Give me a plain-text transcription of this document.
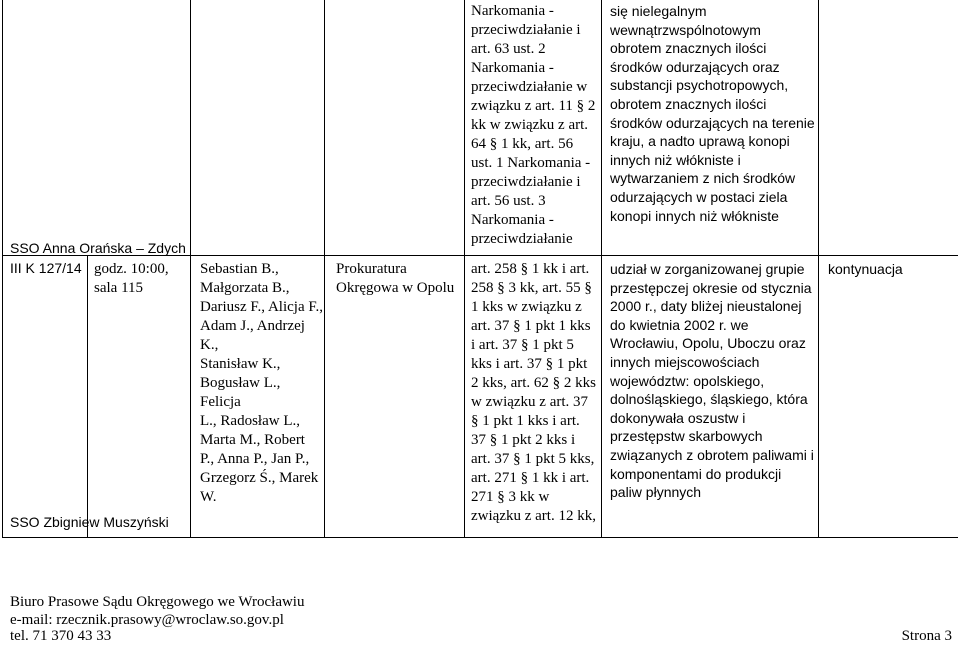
Narkomania -
przeciwdziałanie i
art. 63 ust. 2
Narkomania -
przeciwdziałanie w
związku z art. 11 § 2
kk w związku z art.
64 § 1 kk, art. 56
ust. 1 Narkomania -
przeciwdziałanie i
art. 56 ust. 3
Narkomania -
przeciwdziałanie
się nielegalnym
wewnątrzwspólnotowym
obrotem znacznych ilości
środków odurzających oraz
substancji psychotropowych,
obrotem znacznych ilości
środków odurzających na terenie
kraju, a nadto uprawą konopi
innych niż włókniste i
wytwarzaniem z nich środków
odurzających w postaci ziela
konopi innych niż włókniste
SSO Anna Orańska – Zdych
III K 127/14 godz. 10:00,
sala 115
Sebastian B.,
Małgorzata B.,
Dariusz F., Alicja F.,
Adam J., Andrzej K.,
Stanisław K.,
Bogusław L., Felicja
L., Radosław L.,
Marta M., Robert
P., Anna P., Jan P.,
Grzegorz Ś., Marek
W.
Prokuratura
Okręgowa w Opolu
art. 258 § 1 kk i art.
258 § 3 kk, art. 55 §
1 kks w związku z
art. 37 § 1 pkt 1 kks
i art. 37 § 1 pkt 5
kks i art. 37 § 1 pkt
2 kks, art. 62 § 2 kks
w związku z art. 37
§ 1 pkt 1 kks i art.
37 § 1 pkt 2 kks i
art. 37 § 1 pkt 5 kks,
art. 271 § 1 kk i art.
271 § 3 kk w
związku z art. 12 kk,
udział w zorganizowanej grupie
przestępczej okresie od stycznia
2000 r., daty bliżej nieustalonej
do kwietnia 2002 r. we
Wrocławiu, Opolu, Uboczu oraz
innych miejscowościach
województw: opolskiego,
dolnośląskiego, śląskiego, która
dokonywała oszustw i
przestępstw skarbowych
związanych z obrotem paliwami i
komponentami do produkcji
paliw płynnych
kontynuacja
SSO Zbigniew Muszyński
Biuro Prasowe Sądu Okręgowego we Wrocławiu
e-mail: rzecznik.prasowy@wroclaw.so.gov.pl
tel. 71 370 43 33	Strona 3
